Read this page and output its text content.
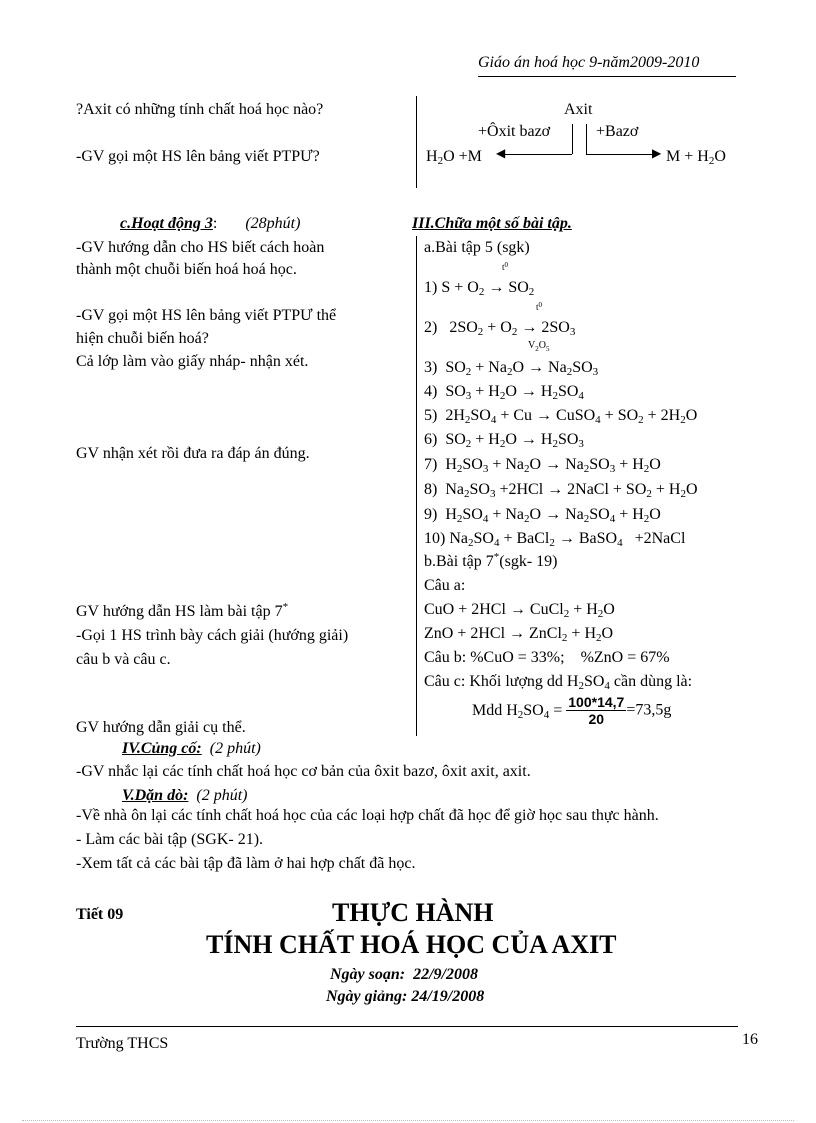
Giáo án hoá học 9-năm2009-2010
?Axit có những tính chất hoá học nào?
-GV gọi một HS lên bảng viết PTPƯ?
Axit
+Ôxit bazơ	+Bazơ
◀	▶
$H_2O +M$	$M + H_2O$
c.Hoạt động 3: (28phút)	III.Chữa một số bài tập.
-GV hướng dẫn cho HS biết cách hoàn
thành một chuỗi biến hoá hoá học.
-GV gọi một HS lên bảng viết PTPƯ thể
hiện chuỗi biến hoá?
Cả lớp làm vào giấy nháp- nhận xét.
GV nhận xét rồi đưa ra đáp án đúng.
GV hướng dẫn HS làm bài tập 7*
-Gọi 1 HS trình bày cách giải (hướng giải)
câu b và câu c.
GV hướng dẫn giải cụ thể.
a.Bài tập 5 (sgk)
$t^0$
1) $S + O_2 \to SO_2$
$t^0$
2)   $2SO_2 + O_2 \to 2SO_3$
$V_2O_5$
3)  $SO_2 + Na_2O \to Na_2SO_3$
4)  $SO_3 + H_2O \to H_2SO_4$
5)  $2H_2SO_4 + Cu$ → CuSO$_4$ + $SO_2 + 2H_2O$
6)  $SO_2 + H_2O \to H_2SO_3$
7)  $H_2SO_3 + Na_2O \to Na_2SO_3 + H_2O$
8)  $Na_2SO_3 +2HCl$ → 2NaCl + $SO_2 + H_2O$
9)  $H_2SO_4 + Na_2O \to Na_2SO_4 + H_2O$
10) $Na_2SO_4$ + BaCl$_2$ → BaSO$_4$   +2NaCl
b.Bài tập 7*(sgk- 19)
Câu a:
CuO + 2HCl → CuCl$_2$ + $H_2O$
ZnO + 2HCl → ZnCl$_2$ + $H_2O$
Câu b: %CuO = 33%;    %ZnO = 67%
Câu c: Khối lượng dd $H_2SO_4$ cần dùng là:
Mdd $H_2SO_4 = \frac{100*14,7}{20} =73,5g$
IV.Củng cố: (2 phút)
-GV nhắc lại các tính chất hoá học cơ bản của ôxit bazơ, ôxit axit, axit.
V.Dặn dò: (2 phút)
-Về nhà ôn lại các tính chất hoá học của các loại hợp chất đã học để giờ học sau thực hành.
- Làm các bài tập (SGK- 21).
-Xem tất cả các bài tập đã làm ở hai hợp chất đã học.
Tiết 09	THỰC HÀNH
TÍNH CHẤT HOÁ HỌC CỦA AXIT
Ngày soạn:  22/9/2008
Ngày giảng: 24/19/2008
Trường THCS	16
